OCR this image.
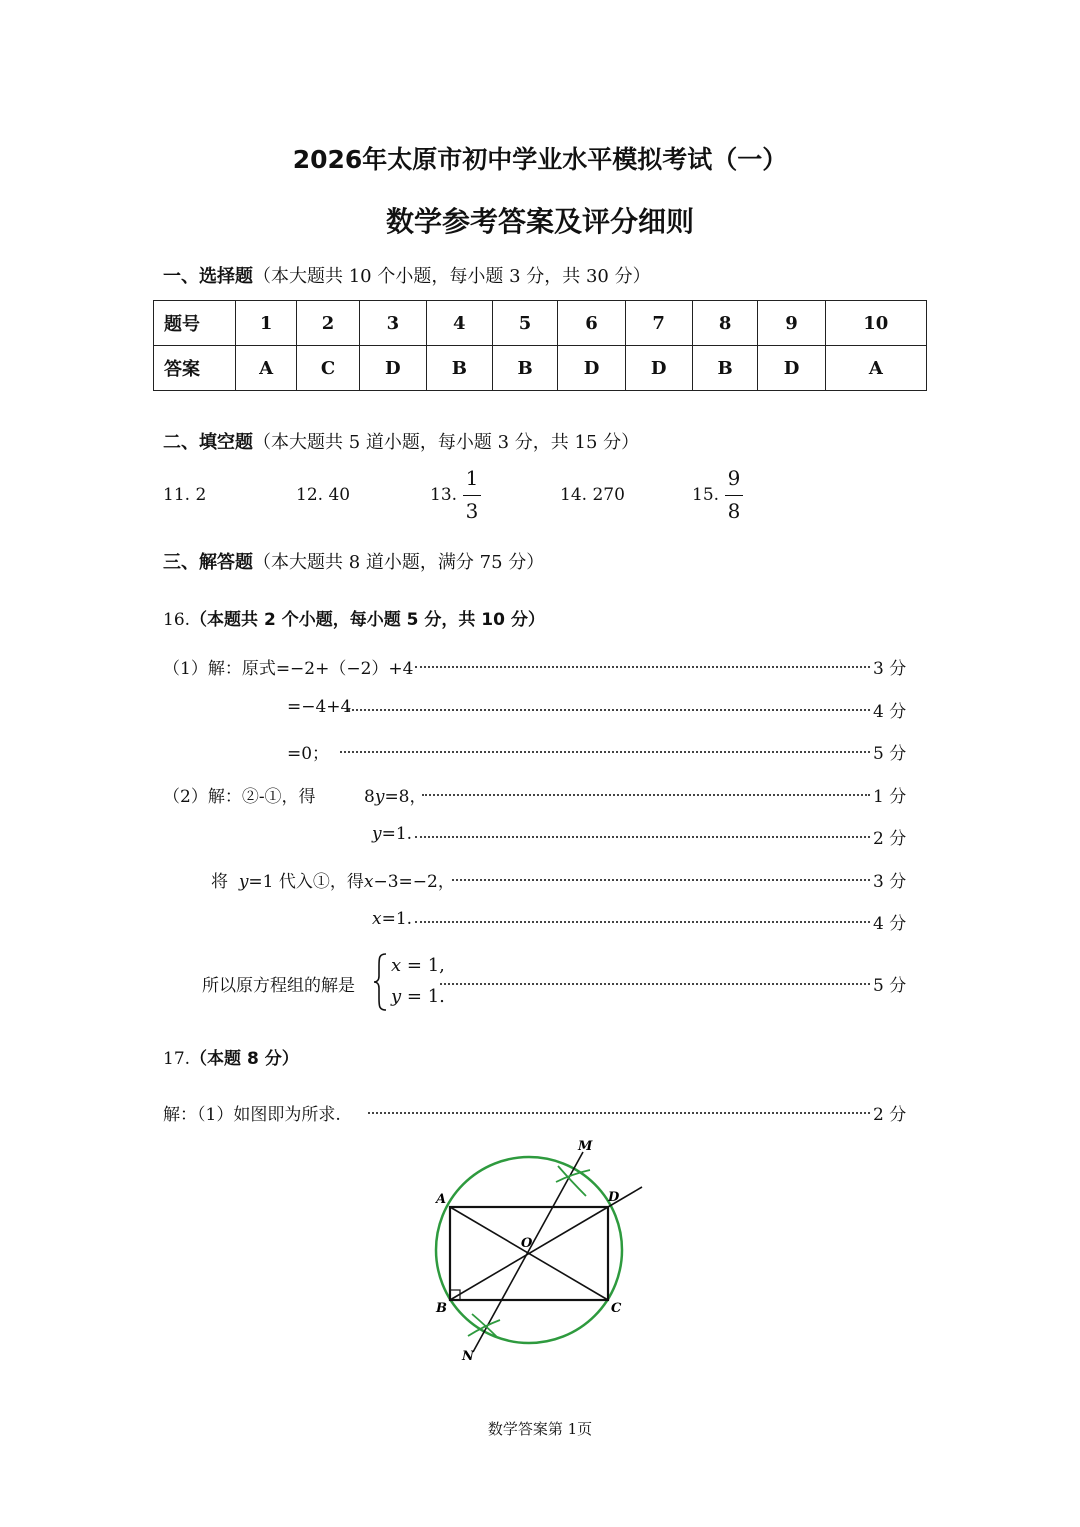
2026年太原市初中学业水平模拟考试（一）
数学参考答案及评分细则
一、选择题（本大题共 10 个小题，每小题 3 分，共 30 分）
题号	1	2	3	4	5	6	7	8	9	10
答案	A	C	D	B	B	D	D	B	D	A
二、填空题（本大题共 5 道小题，每小题 3 分，共 15 分）
11. 2	12. 40	13.
1
3
14. 270	15.
9
8
三、解答题（本大题共 8 道小题，满分 75 分）
16.（本题共 2 个小题，每小题 5 分，共 10 分）
（1）解：原式=−2+（−2）+4	3 分
=−4+4	4 分
=0；	5 分
（2）解：②-①，得	8y=8，	1 分
y=1.	2 分
将 y=1 代入①，得x−3=−2，	3 分
x=1.	4 分
所以原方程组的解是
x = 1,
y = 1.	5 分
17.（本题 8 分）
解：（1）如图即为所求.	2 分
A
B	C
D
O
M
N
数学答案第 1页
